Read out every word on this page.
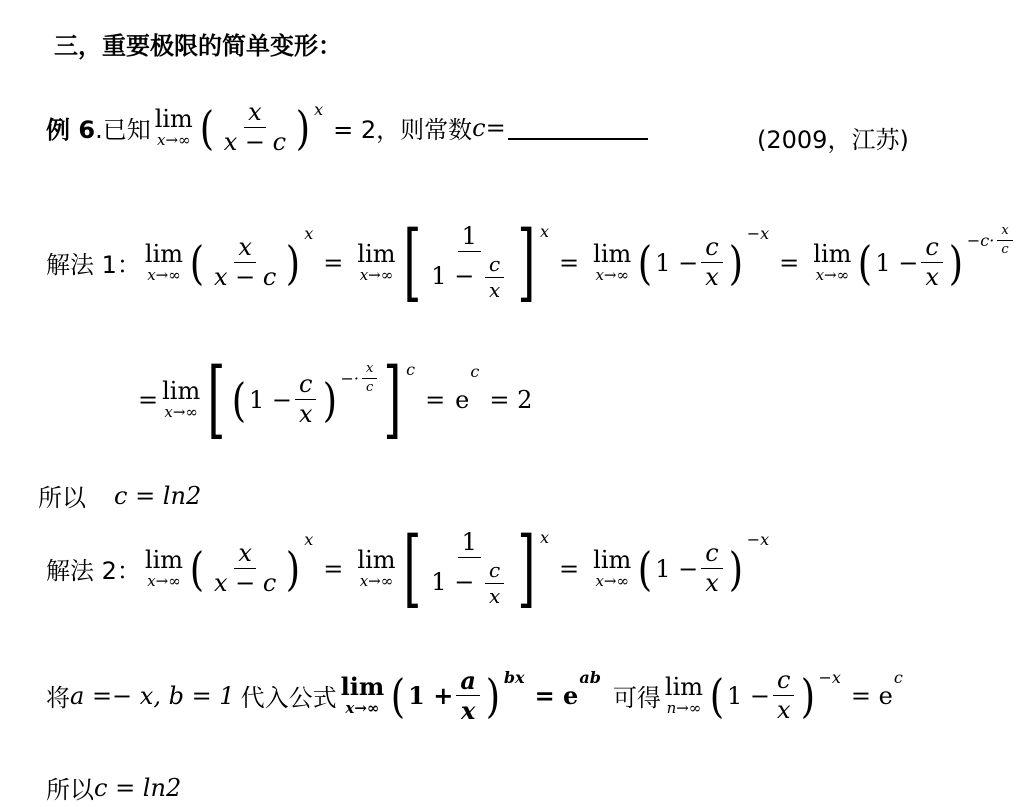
三，重要极限的简单变形：
例 6 .已知 lim
x→∞ ( $\frac{x}{x - c}$ ) x
= 2，则常数 c =	(2009，江苏)
解法 1： lim
x→∞ ( $\frac{x}{x - c}$ )
x
= lim
x→∞ [ $\frac{1}{1 - \frac{c}{x}}$ ] x
= lim
x→∞ ( $1 - \frac{c}{x}$ )
−x
= lim
x→∞ ( $1 - \frac{c}{x}$ ) $-c\cdot \frac{x}{c}$
= lim
x→∞ [ ( $1 - \frac{c}{x}$ ) −· $\frac{x}{c}$ ] c
= e
c
= 2
所以 c = ln2
解法 2： lim
x→∞ ( $\frac{x}{x - c}$ )
x
= lim
x→∞ [ $\frac{1}{1 - \frac{c}{x}}$ ] x
= lim
x→∞ ( $1 - \frac{c}{x}$ )
−x
将 a =− x, b = 1 代入公式 lim
x→∞ ( $1 + \frac{a}{x}$ ) bx
= e
ab
可得 lim
n→∞ ( $1 - \frac{c}{x}$ ) −x
= e
c
所以 c = ln2
